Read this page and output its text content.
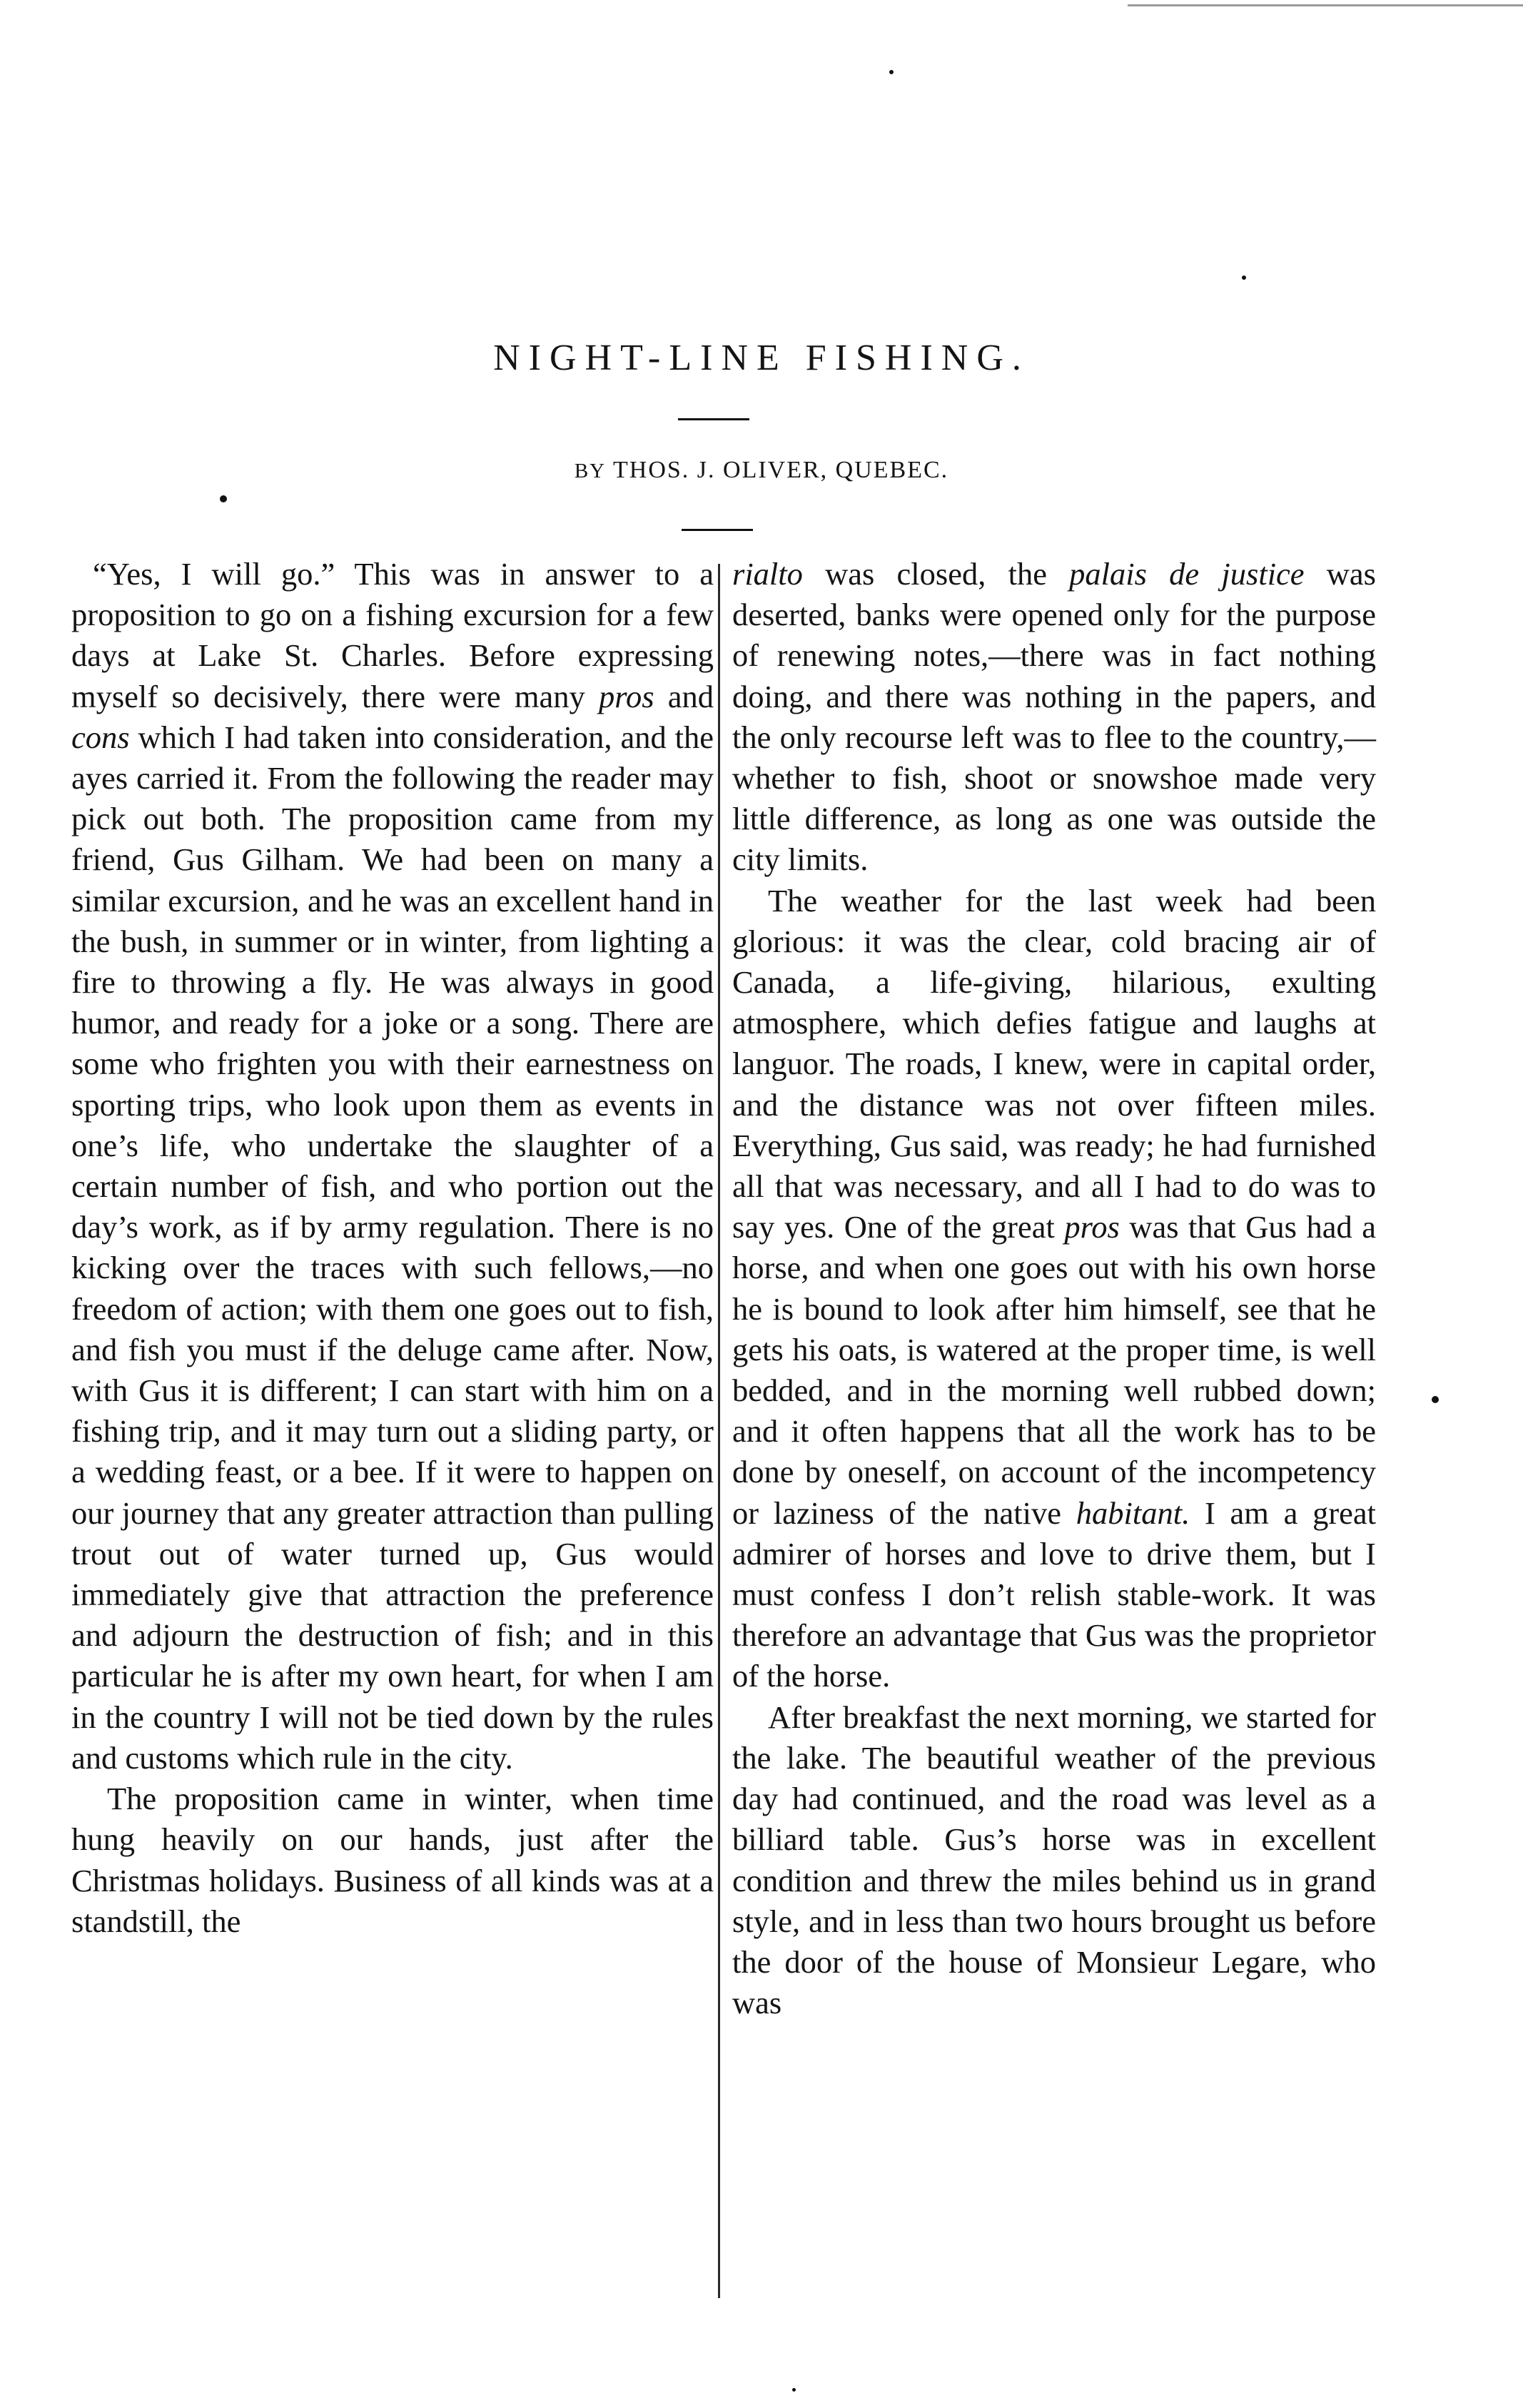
NIGHT-LINE FISHING.

BY THOS. J. OLIVER, QUEBEC.

“Yes, I will go.” This was in answer to a proposition to go on a fishing excursion for a few days at Lake St. Charles. Before expressing myself so decisively, there were many pros and cons which I had taken into consideration, and the ayes carried it. From the following the reader may pick out both. The proposition came from my friend, Gus Gilham. We had been on many a similar excursion, and he was an excellent hand in the bush, in summer or in winter, from lighting a fire to throwing a fly. He was always in good humor, and ready for a joke or a song. There are some who frighten you with their earnestness on sporting trips, who look upon them as events in one’s life, who undertake the slaughter of a certain number of fish, and who portion out the day’s work, as if by army regulation. There is no kicking over the traces with such fellows,—no freedom of action; with them one goes out to fish, and fish you must if the deluge came after. Now, with Gus it is different; I can start with him on a fishing trip, and it may turn out a sliding party, or a wedding feast, or a bee. If it were to happen on our journey that any greater attraction than pulling trout out of water turned up, Gus would immediately give that attraction the preference and adjourn the destruction of fish; and in this particular he is after my own heart, for when I am in the country I will not be tied down by the rules and customs which rule in the city.

The proposition came in winter, when time hung heavily on our hands, just after the Christmas holidays. Business of all kinds was at a standstill, the

rialto was closed, the palais de justice was deserted, banks were opened only for the purpose of renewing notes,—there was in fact nothing doing, and there was nothing in the papers, and the only recourse left was to flee to the country,—whether to fish, shoot or snowshoe made very little difference, as long as one was outside the city limits.

The weather for the last week had been glorious: it was the clear, cold bracing air of Canada, a life-giving, hilarious, exulting atmosphere, which defies fatigue and laughs at languor. The roads, I knew, were in capital order, and the distance was not over fifteen miles. Everything, Gus said, was ready; he had furnished all that was necessary, and all I had to do was to say yes. One of the great pros was that Gus had a horse, and when one goes out with his own horse he is bound to look after him himself, see that he gets his oats, is watered at the proper time, is well bedded, and in the morning well rubbed down; and it often happens that all the work has to be done by oneself, on account of the incompetency or laziness of the native habitant. I am a great admirer of horses and love to drive them, but I must confess I don’t relish stable-work. It was therefore an advantage that Gus was the proprietor of the horse.

After breakfast the next morning, we started for the lake. The beautiful weather of the previous day had continued, and the road was level as a billiard table. Gus’s horse was in excellent condition and threw the miles behind us in grand style, and in less than two hours brought us before the door of the house of Monsieur Legare, who was
